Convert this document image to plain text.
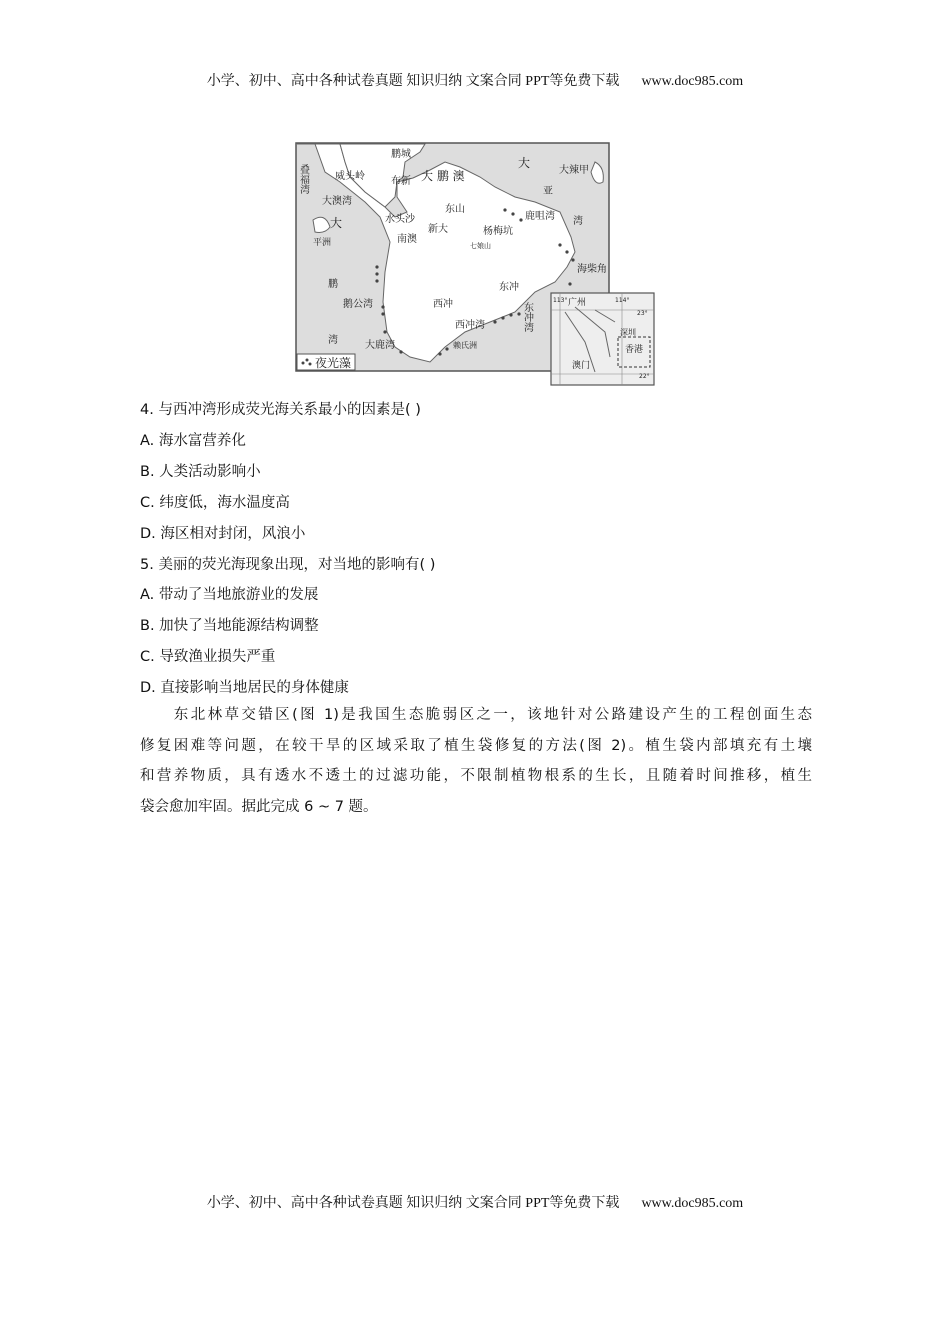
小学、初中、高中各种试卷真题 知识归纳 文案合同 PPT等免费下载 www.doc985.com
叠福湾
鹏城
威头岭	布新 大 鹏 澳
大
大辣甲
亚
湾
大澳湾
大
平洲
东山
水头沙
新大
南澳
鹿咀湾
杨梅坑
七娘山
海柴角
鹏	东冲
西冲
鹅公湾	东冲湾
西冲湾
湾	大鹿湾	赖氏洲
夜光藻
113° 广州	114°
23°
深圳
香港
澳门
22°
4. 与西冲湾形成荧光海关系最小的因素是( )
A. 海水富营养化
B. 人类活动影响小
C. 纬度低，海水温度高
D. 海区相对封闭，风浪小
5. 美丽的荧光海现象出现，对当地的影响有( )
A. 带动了当地旅游业的发展
B. 加快了当地能源结构调整
C. 导致渔业损失严重
D. 直接影响当地居民的身体健康
　　东北林草交错区(图 1)是我国生态脆弱区之一，该地针对公路建设产生的工程创面生态
修复困难等问题，在较干旱的区域采取了植生袋修复的方法(图 2)。植生袋内部填充有土壤
和营养物质，具有透水不透土的过滤功能，不限制植物根系的生长，且随着时间推移，植生
袋会愈加牢固。据此完成 6 ~ 7 题。
小学、初中、高中各种试卷真题 知识归纳 文案合同 PPT等免费下载 www.doc985.com
